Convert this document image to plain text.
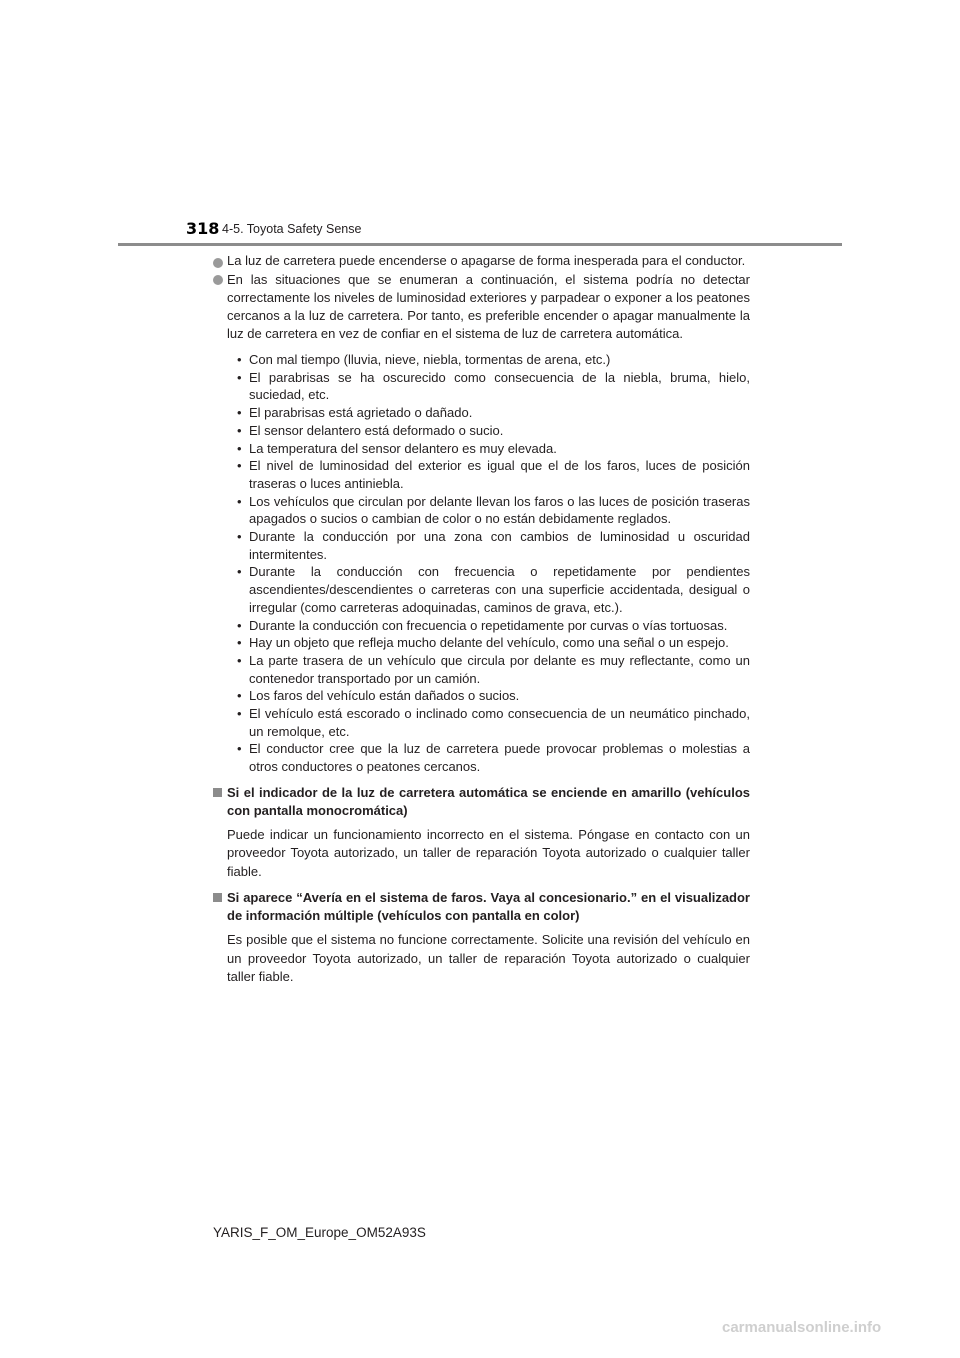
318 4-5. Toyota Safety Sense

La luz de carretera puede encenderse o apagarse de forma inesperada para el conductor.

En las situaciones que se enumeran a continuación, el sistema podría no detectar correctamente los niveles de luminosidad exteriores y parpadear o exponer a los peatones cercanos a la luz de carretera. Por tanto, es preferible encender o apagar manualmente la luz de carretera en vez de confiar en el sistema de luz de carretera automática.

• Con mal tiempo (lluvia, nieve, niebla, tormentas de arena, etc.)
• El parabrisas se ha oscurecido como consecuencia de la niebla, bruma, hielo, suciedad, etc.
• El parabrisas está agrietado o dañado.
• El sensor delantero está deformado o sucio.
• La temperatura del sensor delantero es muy elevada.
• El nivel de luminosidad del exterior es igual que el de los faros, luces de posición traseras o luces antiniebla.
• Los vehículos que circulan por delante llevan los faros o las luces de posición traseras apagados o sucios o cambian de color o no están debidamente reglados.
• Durante la conducción por una zona con cambios de luminosidad u oscuridad intermitentes.
• Durante la conducción con frecuencia o repetidamente por pendientes ascendientes/descendientes o carreteras con una superficie accidentada, desigual o irregular (como carreteras adoquinadas, caminos de grava, etc.).
• Durante la conducción con frecuencia o repetidamente por curvas o vías tortuosas.
• Hay un objeto que refleja mucho delante del vehículo, como una señal o un espejo.
• La parte trasera de un vehículo que circula por delante es muy reflectante, como un contenedor transportado por un camión.
• Los faros del vehículo están dañados o sucios.
• El vehículo está escorado o inclinado como consecuencia de un neumático pinchado, un remolque, etc.
• El conductor cree que la luz de carretera puede provocar problemas o molestias a otros conductores o peatones cercanos.
Si el indicador de la luz de carretera automática se enciende en amarillo (vehículos con pantalla monocromática)

Puede indicar un funcionamiento incorrecto en el sistema. Póngase en contacto con un proveedor Toyota autorizado, un taller de reparación Toyota autorizado o cualquier taller fiable.

Si aparece “Avería en el sistema de faros. Vaya al concesionario.” en el visualizador de información múltiple (vehículos con pantalla en color)

Es posible que el sistema no funcione correctamente. Solicite una revisión del vehículo en un proveedor Toyota autorizado, un taller de reparación Toyota autorizado o cualquier taller fiable.

YARIS_F_OM_Europe_OM52A93S
carmanualsonline.info
